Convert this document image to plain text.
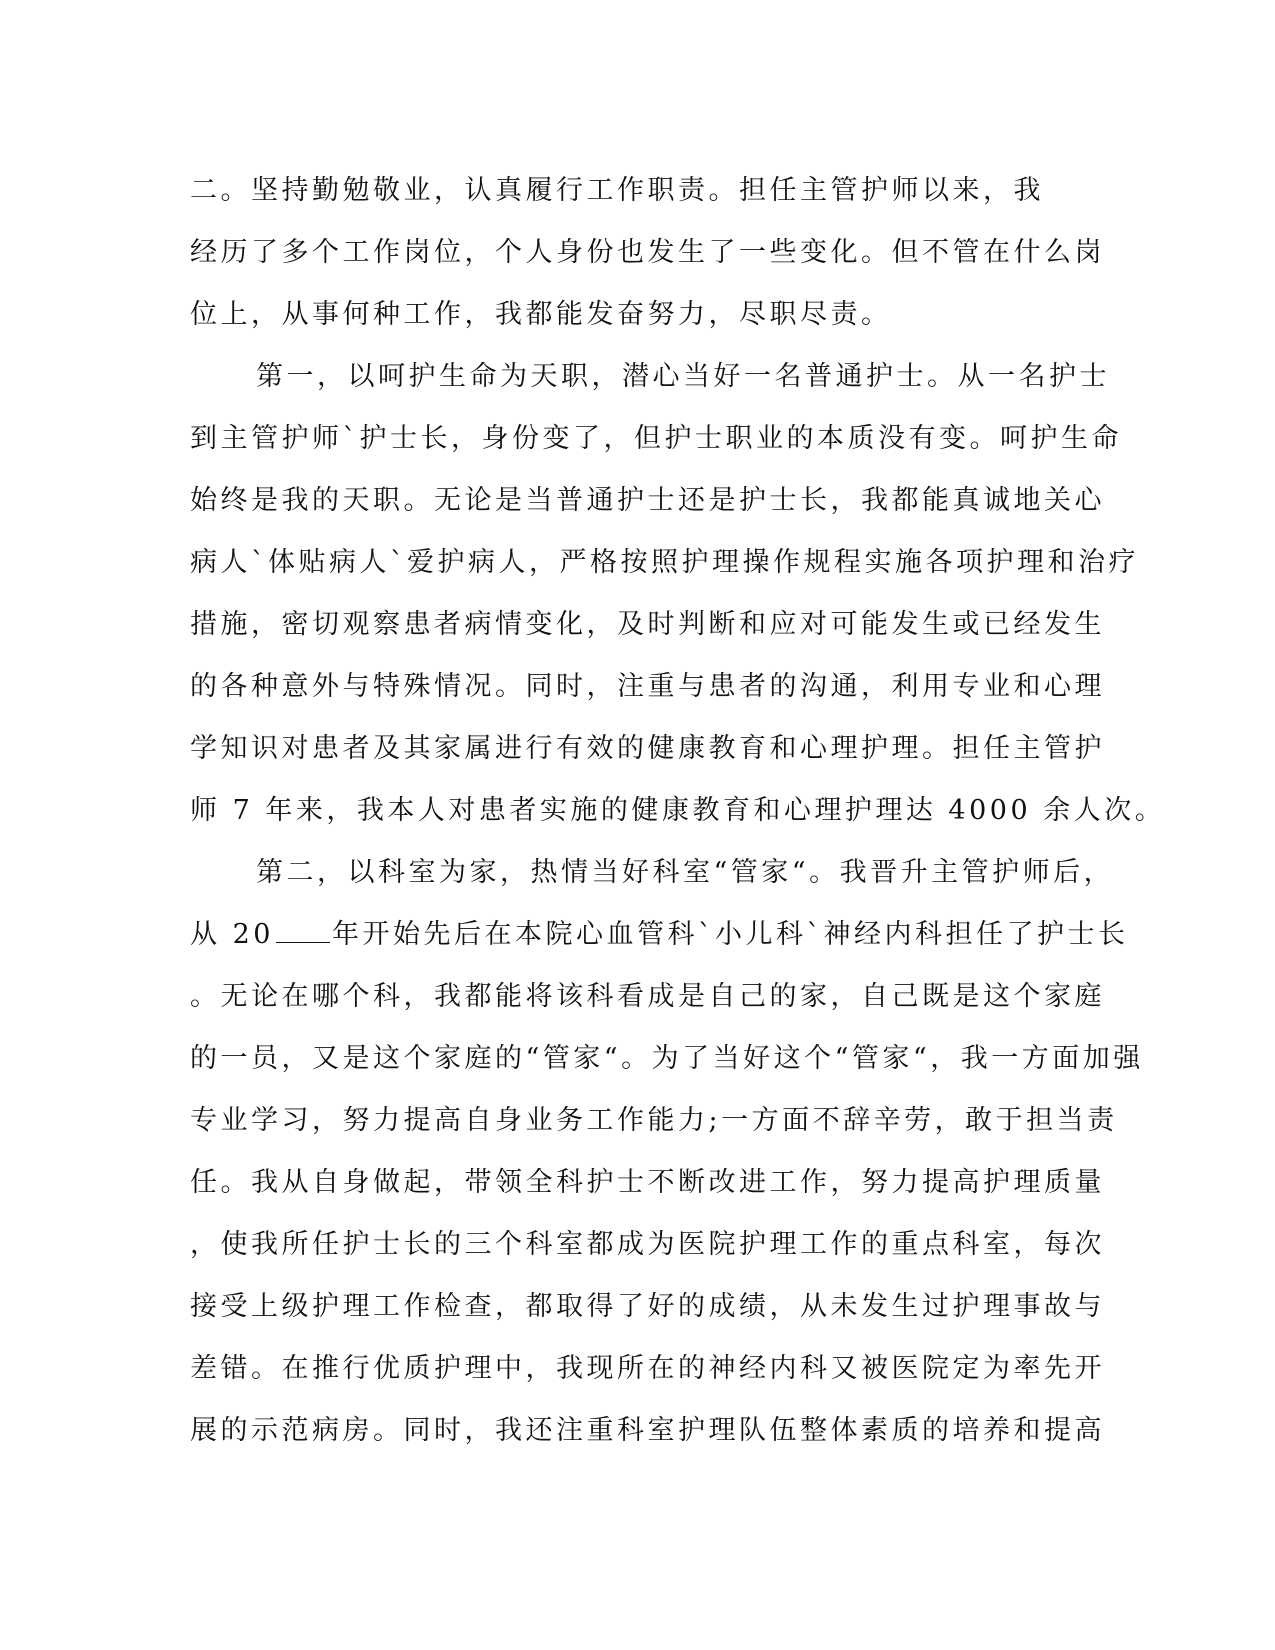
二。坚持勤勉敬业，认真履行工作职责。担任主管护师以来，我
经历了多个工作岗位，个人身份也发生了一些变化。但不管在什么岗
位上，从事何种工作，我都能发奋努力，尽职尽责。
第一，以呵护生命为天职，潜心当好一名普通护士。从一名护士
到主管护师`护士长，身份变了，但护士职业的本质没有变。呵护生命
始终是我的天职。无论是当普通护士还是护士长，我都能真诚地关心
病人`体贴病人`爱护病人，严格按照护理操作规程实施各项护理和治疗
措施，密切观察患者病情变化，及时判断和应对可能发生或已经发生
的各种意外与特殊情况。同时，注重与患者的沟通，利用专业和心理
学知识对患者及其家属进行有效的健康教育和心理护理。担任主管护
师 7 年来，我本人对患者实施的健康教育和心理护理达 4000 余人次。
第二，以科室为家，热情当好科室“管家“。我晋升主管护师后，
从 20 年开始先后在本院心血管科`小儿科`神经内科担任了护士长
。无论在哪个科，我都能将该科看成是自己的家，自己既是这个家庭
的一员，又是这个家庭的“管家“。为了当好这个“管家“，我一方面加强
专业学习，努力提高自身业务工作能力;一方面不辞辛劳，敢于担当责
任。我从自身做起，带领全科护士不断改进工作，努力提高护理质量
，使我所任护士长的三个科室都成为医院护理工作的重点科室，每次
接受上级护理工作检查，都取得了好的成绩，从未发生过护理事故与
差错。在推行优质护理中，我现所在的神经内科又被医院定为率先开
展的示范病房。同时，我还注重科室护理队伍整体素质的培养和提高
